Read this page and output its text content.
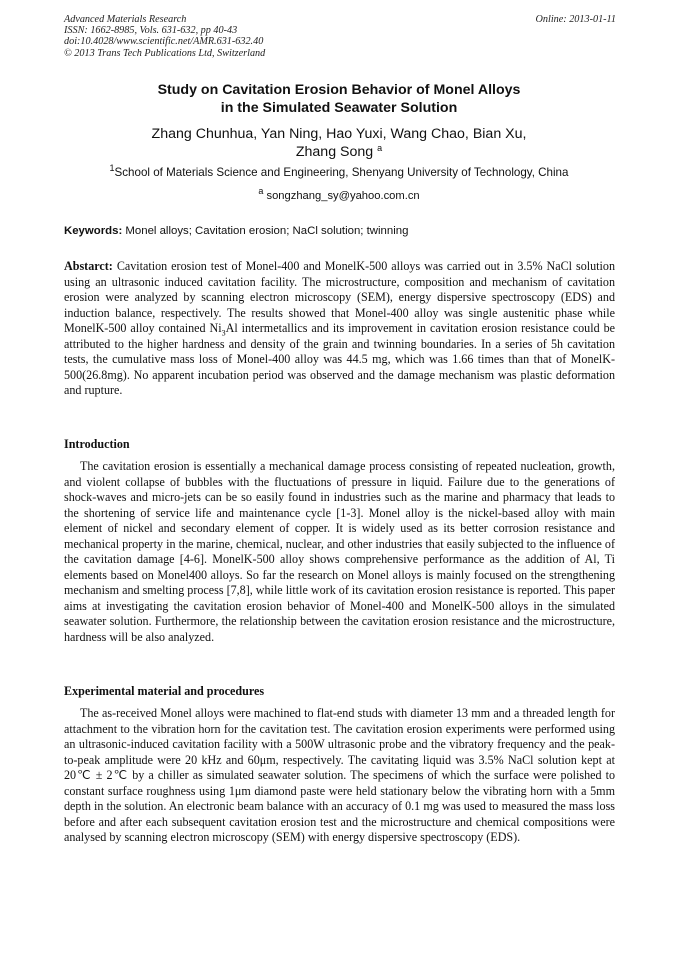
Advanced Materials Research
ISSN: 1662-8985, Vols. 631-632, pp 40-43
doi:10.4028/www.scientific.net/AMR.631-632.40
© 2013 Trans Tech Publications Ltd, Switzerland
Online: 2013-01-11
Study on Cavitation Erosion Behavior of Monel Alloys
in the Simulated Seawater Solution
Zhang Chunhua, Yan Ning, Hao Yuxi, Wang Chao, Bian Xu,
Zhang Song $^a$
$^1$School of Materials Science and Engineering, Shenyang University of Technology, China
$^a$ songzhang_sy@yahoo.com.cn
Keywords: Monel alloys; Cavitation erosion; NaCl solution; twinning
Abstarct: Cavitation erosion test of Monel-400 and MonelK-500 alloys was carried out in 3.5% NaCl solution using an ultrasonic induced cavitation facility. The microstructure, composition and mechanism of cavitation erosion were analyzed by scanning electron microscopy (SEM), energy dispersive spectroscopy (EDS) and induction balance, respectively. The results showed that Monel-400 alloy was single austenitic phase while MonelK-500 alloy contained $Ni_3Al$ intermetallics and its improvement in cavitation erosion resistance could be attributed to the higher hardness and density of the grain and twinning boundaries. In a series of 5h cavitation tests, the cumulative mass loss of Monel-400 alloy was 44.5 mg, which was 1.66 times than that of MonelK-500(26.8mg). No apparent incubation period was observed and the damage mechanism was plastic deformation and rupture.
Introduction
The cavitation erosion is essentially a mechanical damage process consisting of repeated nucleation, growth, and violent collapse of bubbles with the fluctuations of pressure in liquid. Failure due to the generations of shock-waves and micro-jets can be so easily found in industries such as the marine and pharmacy that leads to the shortening of service life and maintenance cycle [1-3]. Monel alloy is the nickel-based alloy with main element of nickel and secondary element of copper. It is widely used as its better corrosion resistance and mechanical property in the marine, chemical, nuclear, and other industries that easily subjected to the influence of the cavitation damage [4-6]. MonelK-500 alloy shows comprehensive performance as the addition of Al, Ti elements based on Monel400 alloys. So far the research on Monel alloys is mainly focused on the strengthening mechanism and smelting process [7,8], while little work of its cavitation erosion resistance is reported. This paper aims at investigating the cavitation erosion behavior of Monel-400 and MonelK-500 alloys in the simulated seawater solution. Furthermore, the relationship between the cavitation erosion resistance and the microstructure, hardness will be also analyzed.
Experimental material and procedures
The as-received Monel alloys were machined to flat-end studs with diameter 13 mm and a threaded length for attachment to the vibration horn for the cavitation test. The cavitation erosion experiments were performed using an ultrasonic-induced cavitation facility with a 500W ultrasonic probe and the vibratory frequency and the peak-to-peak amplitude were 20 kHz and 60μm, respectively. The cavitating liquid was 3.5% NaCl solution kept at 20℃ ± 2℃ by a chiller as simulated seawater solution. The specimens of which the surface were polished to constant surface roughness using 1μm diamond paste were held stationary below the vibrating horn with a 5mm depth in the solution. An electronic beam balance with an accuracy of 0.1 mg was used to measured the mass loss before and after each subsequent cavitation erosion test and the microstructure and chemical compositions were analysed by scanning electron microscopy (SEM) with energy dispersive spectroscopy (EDS).
